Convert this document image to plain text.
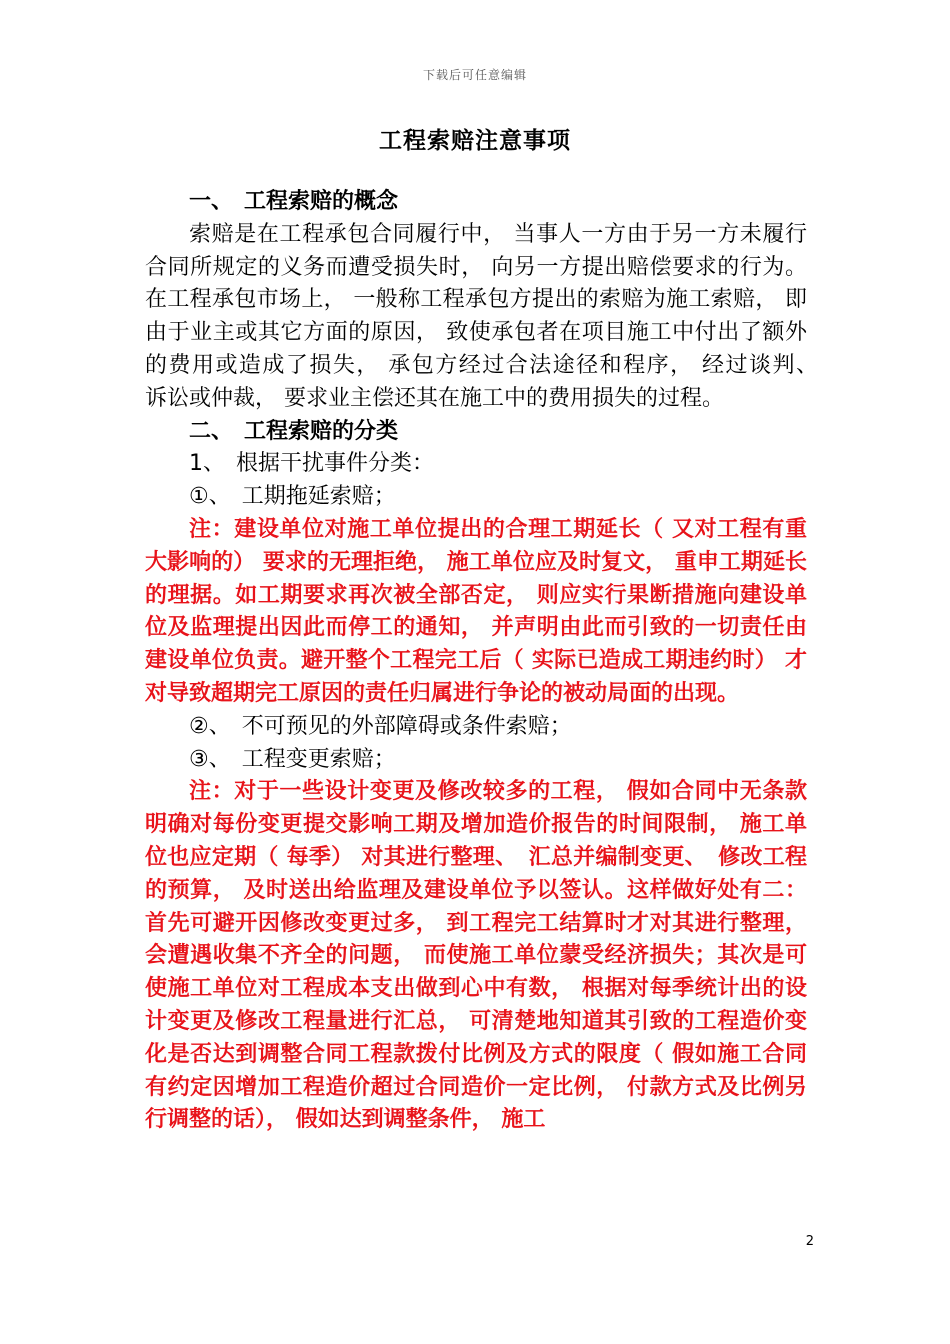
下载后可任意编辑
工程索赔注意事项

一、　工程索赔的概念

索赔是在工程承包合同履行中， 当事人一方由于另一方未履行合同所规定的义务而遭受损失时， 向另一方提出赔偿要求的行为。在工程承包市场上， 一般称工程承包方提出的索赔为施工索赔， 即由于业主或其它方面的原因， 致使承包者在项目施工中付出了额外的费用或造成了损失， 承包方经过合法途径和程序， 经过谈判、　诉讼或仲裁， 要求业主偿还其在施工中的费用损失的过程。

二、　工程索赔的分类

1、　根据干扰事件分类：

①、　工期拖延索赔；

注：建设单位对施工单位提出的合理工期延长（ 又对工程有重大影响的） 要求的无理拒绝， 施工单位应及时复文， 重申工期延长的理据。如工期要求再次被全部否定， 则应实行果断措施向建设单位及监理提出因此而停工的通知， 并声明由此而引致的一切责任由建设单位负责。避开整个工程完工后（ 实际已造成工期违约时） 才对导致超期完工原因的责任归属进行争论的被动局面的出现。

②、　不可预见的外部障碍或条件索赔；

③、　工程变更索赔；

注：对于一些设计变更及修改较多的工程， 假如合同中无条款明确对每份变更提交影响工期及增加造价报告的时间限制， 施工单位也应定期（ 每季） 对其进行整理、　汇总并编制变更、　修改工程的预算， 及时送出给监理及建设单位予以签认。这样做好处有二：首先可避开因修改变更过多， 到工程完工结算时才对其进行整理， 会遭遇收集不齐全的问题， 而使施工单位蒙受经济损失；其次是可使施工单位对工程成本支出做到心中有数， 根据对每季统计出的设计变更及修改工程量进行汇总， 可清楚地知道其引致的工程造价变化是否达到调整合同工程款拨付比例及方式的限度（ 假如施工合同有约定因增加工程造价超过合同造价一定比例， 付款方式及比例另行调整的话）， 假如达到调整条件， 施工

2
